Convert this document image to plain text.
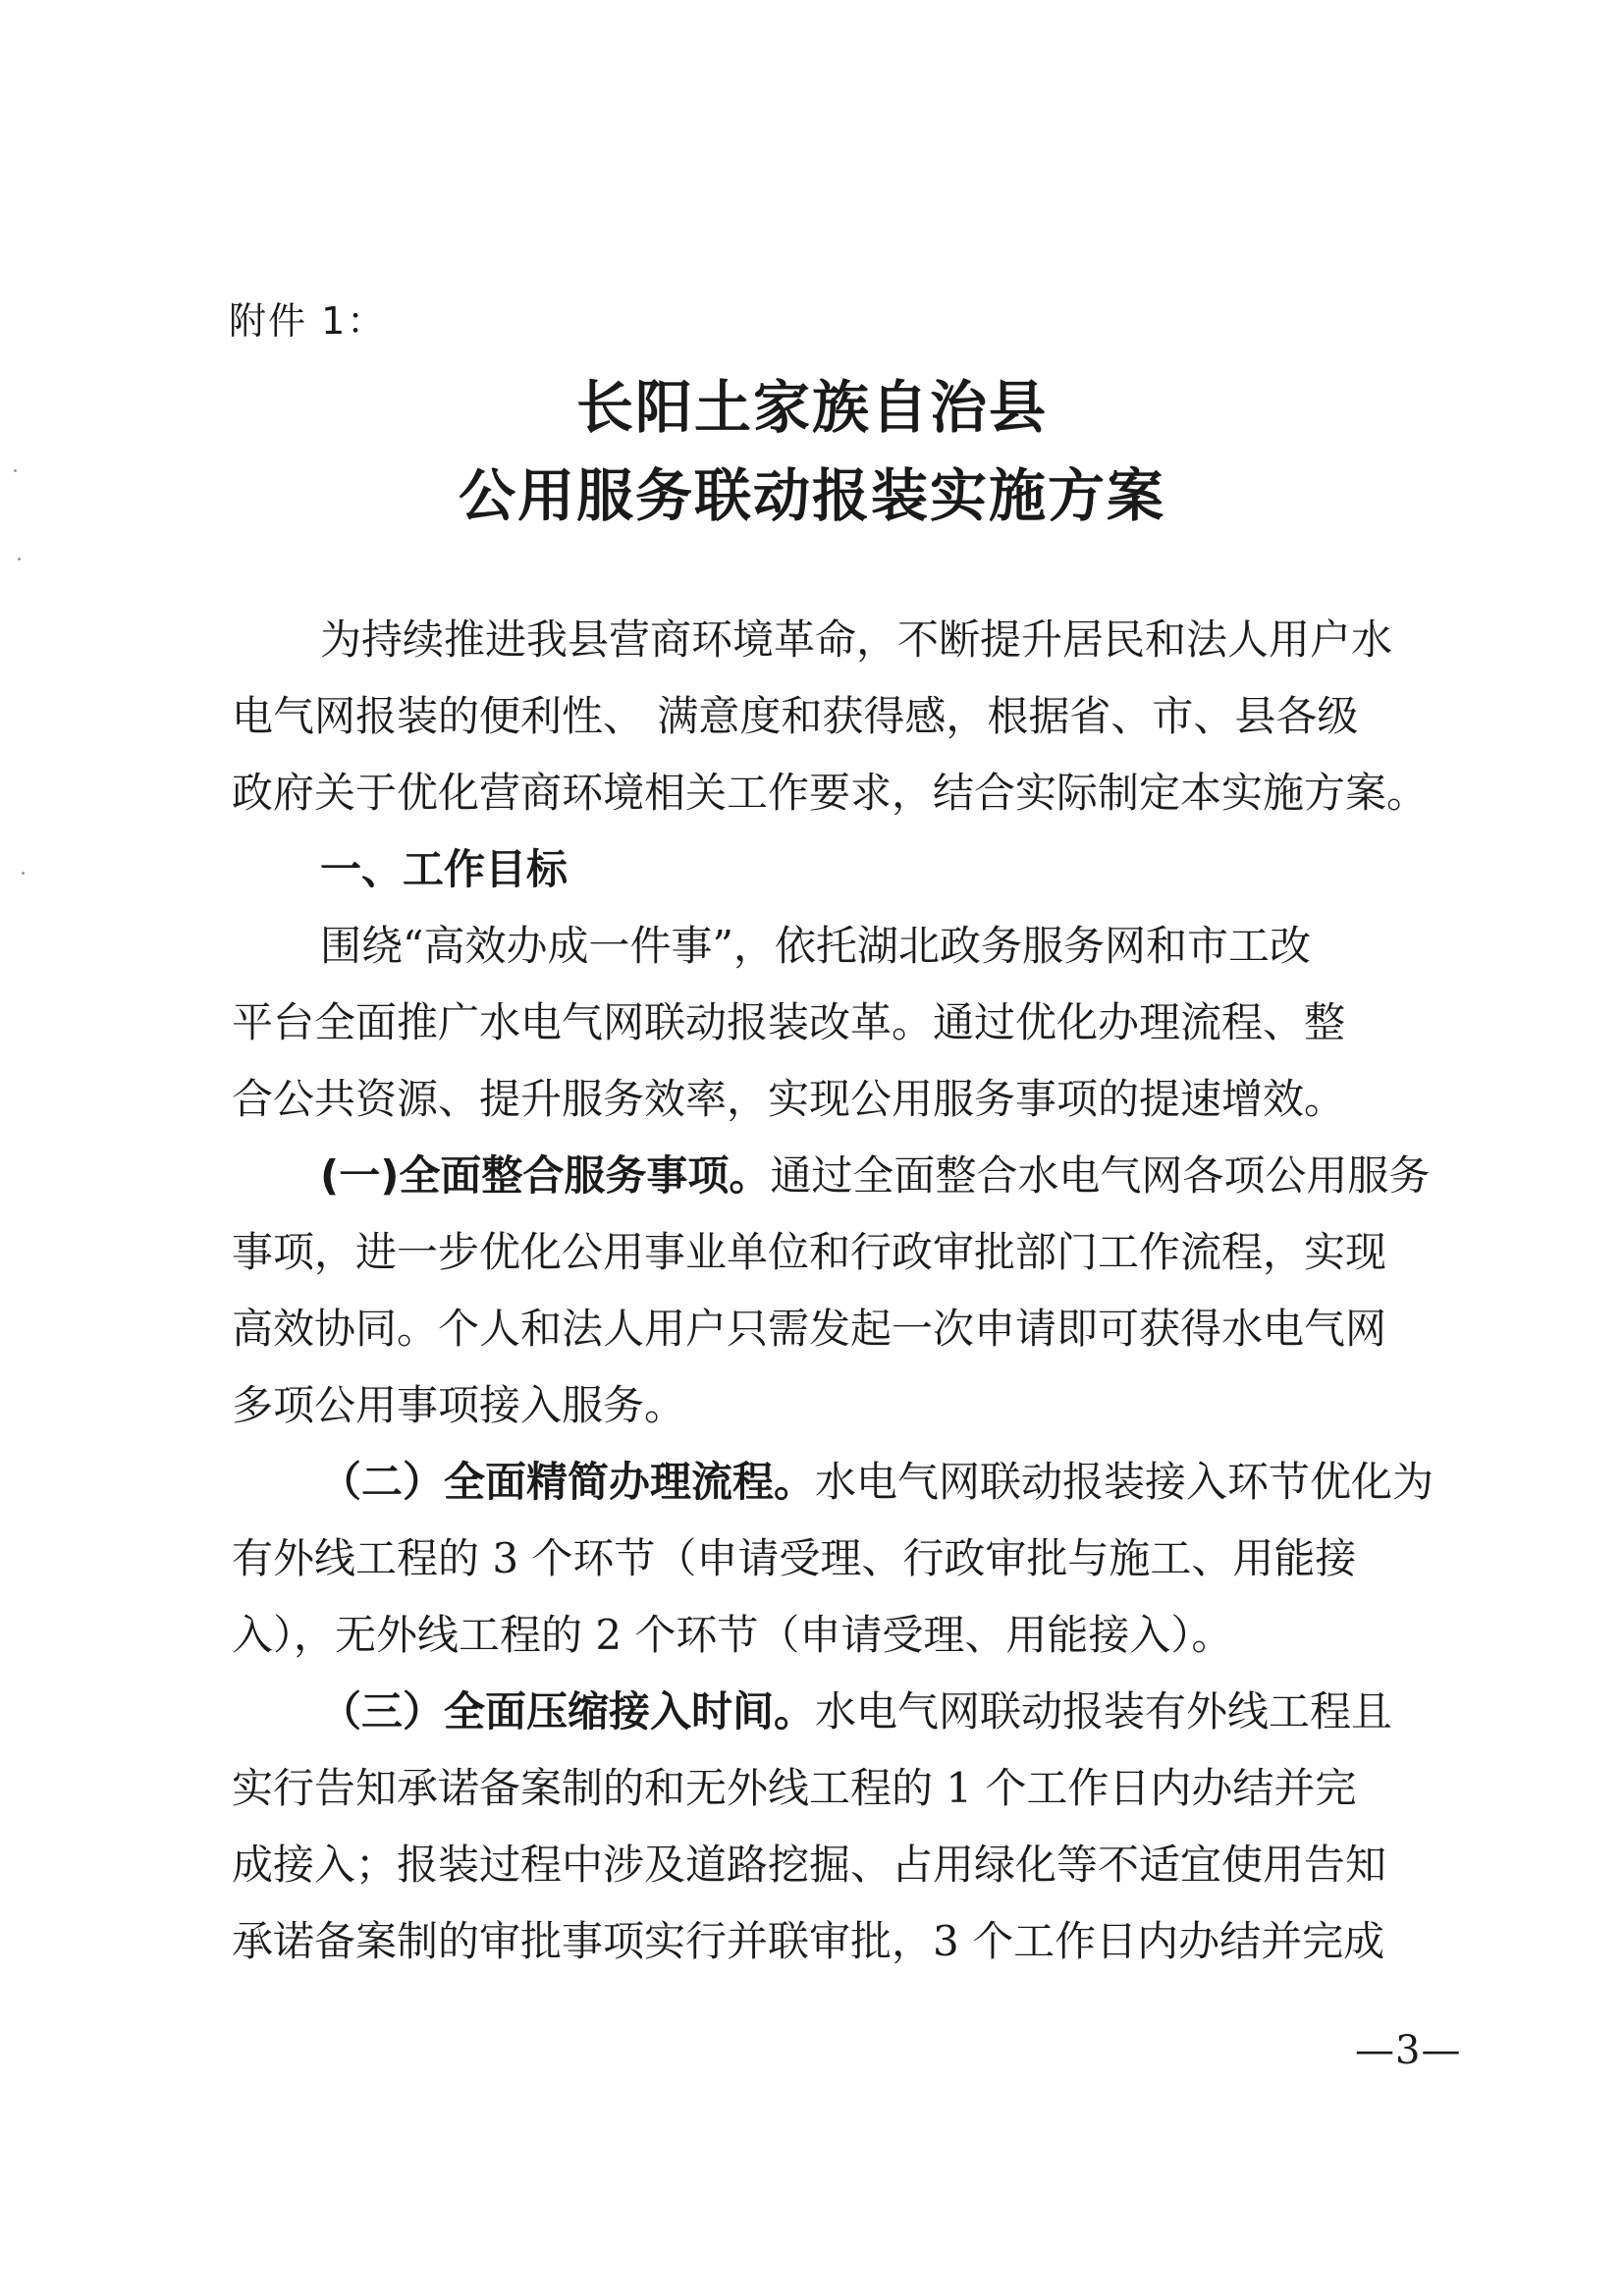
附件 1：
长阳土家族自治县
公用服务联动报装实施方案
为持续推进我县营商环境革命，不断提升居民和法人用户水
电气网报装的便利性、 满意度和获得感，根据省、市、县各级
政府关于优化营商环境相关工作要求，结合实际制定本实施方案。
一、工作目标
围绕“高效办成一件事”，依托湖北政务服务网和市工改
平台全面推广水电气网联动报装改革。通过优化办理流程、整
合公共资源、提升服务效率，实现公用服务事项的提速增效。
(一)全面整合服务事项。通过全面整合水电气网各项公用服务
事项，进一步优化公用事业单位和行政审批部门工作流程，实现
高效协同。个人和法人用户只需发起一次申请即可获得水电气网
多项公用事项接入服务。
（二）全面精简办理流程。水电气网联动报装接入环节优化为
有外线工程的 3 个环节（申请受理、行政审批与施工、用能接
入），无外线工程的 2 个环节（申请受理、用能接入）。
（三）全面压缩接入时间。水电气网联动报装有外线工程且
实行告知承诺备案制的和无外线工程的 1 个工作日内办结并完
成接入；报装过程中涉及道路挖掘、占用绿化等不适宜使用告知
承诺备案制的审批事项实行并联审批，3 个工作日内办结并完成
—3—
